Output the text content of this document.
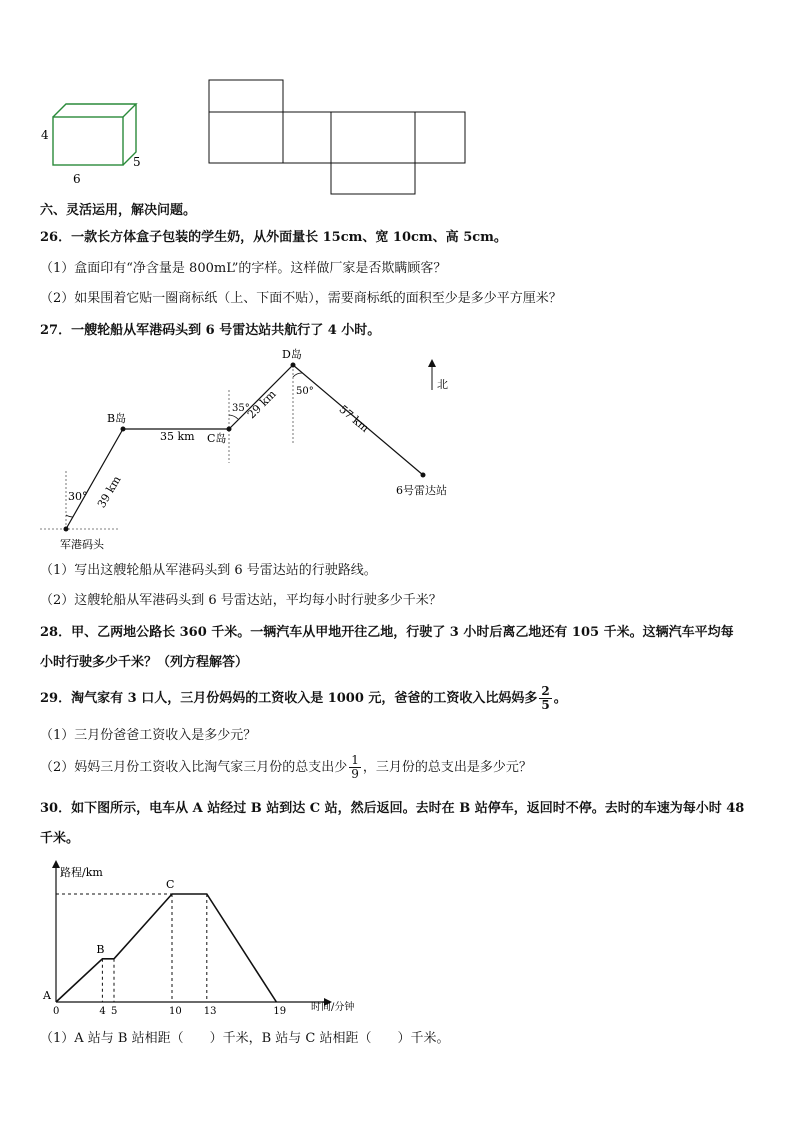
4
5
6
六、灵活运用，解决问题。
26．一款长方体盒子包装的学生奶，从外面量长 15cm、宽 10cm、高 5cm。
（1）盒面印有“净含量是 800mL”的字样。这样做厂家是否欺瞒顾客？
（2）如果围着它贴一圈商标纸（上、下面不贴），需要商标纸的面积至少是多少平方厘米？
27．一艘轮船从军港码头到 6 号雷达站共航行了 4 小时。
北
B岛
C岛
D岛
6号雷达站
军港码头
35 km
39 km
29 km	57 km
30°
35°
50°
（1）写出这艘轮船从军港码头到 6 号雷达站的行驶路线。
（2）这艘轮船从军港码头到 6 号雷达站，平均每小时行驶多少千米？
28．甲、乙两地公路长 360 千米。一辆汽车从甲地开往乙地，行驶了 3 小时后离乙地还有 105 千米。这辆汽车平均每
小时行驶多少千米？（列方程解答）
29．淘气家有 3 口人，三月份妈妈的工资收入是 1000 元，爸爸的工资收入比妈妈多 $\frac{2}{5}$ 。
（1）三月份爸爸工资收入是多少元？
（2）妈妈三月份工资收入比淘气家三月份的总支出少 $\frac{1}{9}$ ，三月份的总支出是多少元？
30．如下图所示，电车从 A 站经过 B 站到达 C 站，然后返回。去时在 B 站停车，返回时不停。去时的车速为每小时 48
千米。
路程/km
时间/分钟
A
0	4 5	10 13	19
B
C
（1）A 站与 B 站相距（　　）千米，B 站与 C 站相距（　　）千米。
